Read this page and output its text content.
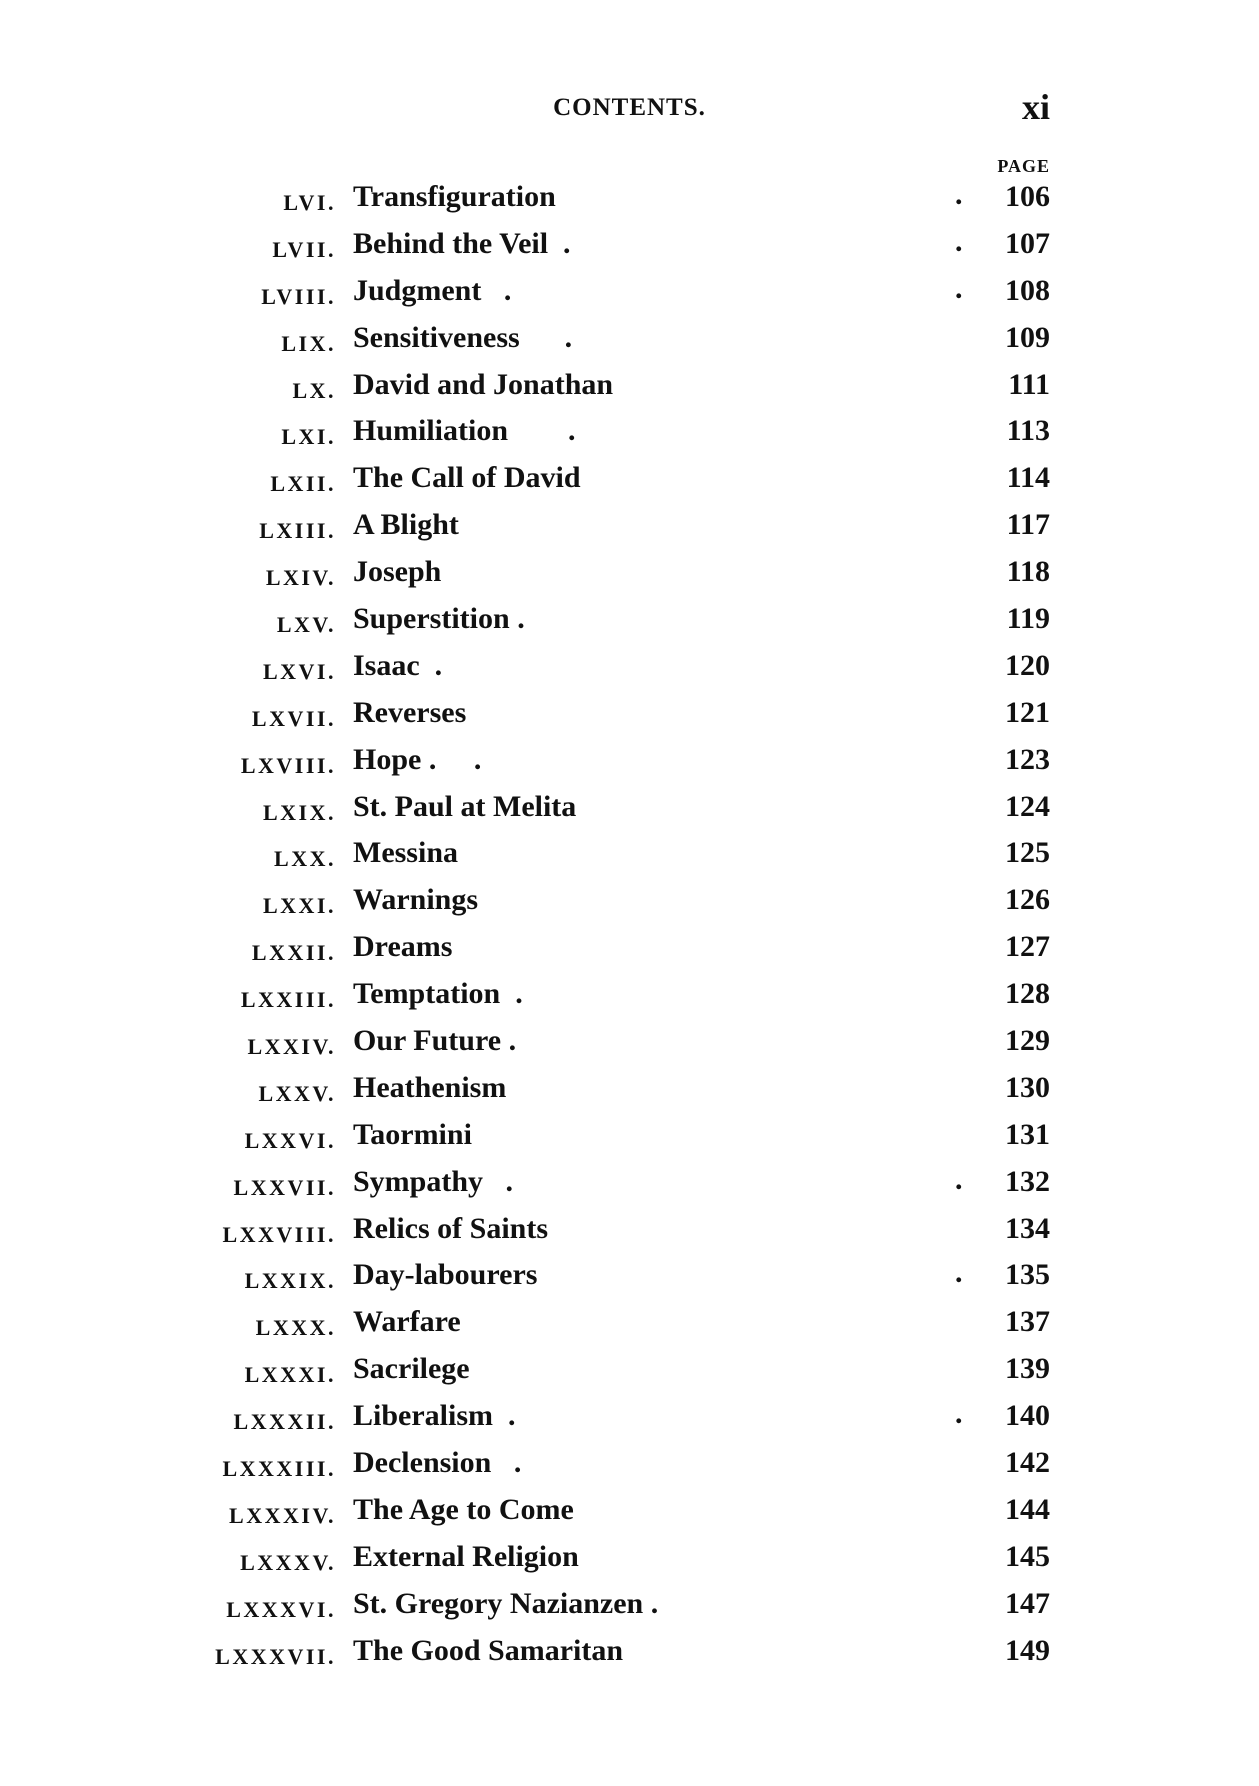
CONTENTS.	xi
PAGE
LVI. Transfiguration	. 106
LVII. Behind the Veil  .	. 107
LVIII. Judgment   .	. 108
LIX. Sensitiveness      .	109
LX. David and Jonathan	111
LXI. Humiliation        .	113
LXII. The Call of David	114
LXIII. A Blight	117
LXIV. Joseph	118
LXV. Superstition .	119
LXVI. Isaac  .	120
LXVII. Reverses	121
LXVIII. Hope .     .	123
LXIX. St. Paul at Melita	124
LXX. Messina	125
LXXI. Warnings	126
LXXII. Dreams	127
LXXIII. Temptation  .	128
LXXIV. Our Future .	129
LXXV. Heathenism	130
LXXVI. Taormini	131
LXXVII. Sympathy   .	. 132
LXXVIII. Relics of Saints	134
LXXIX. Day-labourers	. 135
LXXX. Warfare	137
LXXXI. Sacrilege	139
LXXXII. Liberalism  .	. 140
LXXXIII. Declension   .	142
LXXXIV. The Age to Come	144
LXXXV. External Religion	145
LXXXVI. St. Gregory Nazianzen .	147
LXXXVII. The Good Samaritan	149
